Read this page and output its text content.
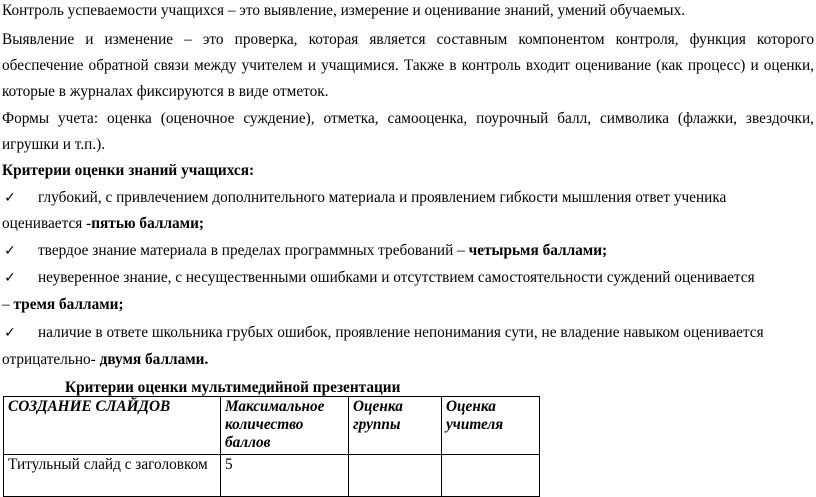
Контроль успеваемости учащихся – это выявление, измерение и оценивание знаний, умений обучаемых.
Выявление и изменение – это проверка, которая является составным компонентом контроля, функция которого
обеспечение обратной связи между учителем и учащимися. Также в контроль входит оценивание (как процесс) и оценки,
которые в журналах фиксируются в виде отметок.
Формы учета: оценка (оценочное суждение), отметка, самооценка, поурочный балл, символика (флажки, звездочки,
игрушки и т.п.).
Критерии оценки знаний учащихся:
✓ глубокий, с привлечением дополнительного материала и проявлением гибкости мышления ответ ученика
оценивается -пятью баллами;
✓ твердое знание материала в пределах программных требований – четырьмя баллами;
✓ неуверенное знание, с несущественными ошибками и отсутствием самостоятельности суждений оценивается
– тремя баллами;
✓ наличие в ответе школьника грубых ошибок, проявление непонимания сути, не владение навыком оценивается
отрицательно- двумя баллами.
Критерии оценки мультимедийной презентации
СОЗДАНИЕ СЛАЙДОВ	Максимальное количество баллов	Оценка группы	Оценка учителя
Титульный слайд с заголовком	5		
